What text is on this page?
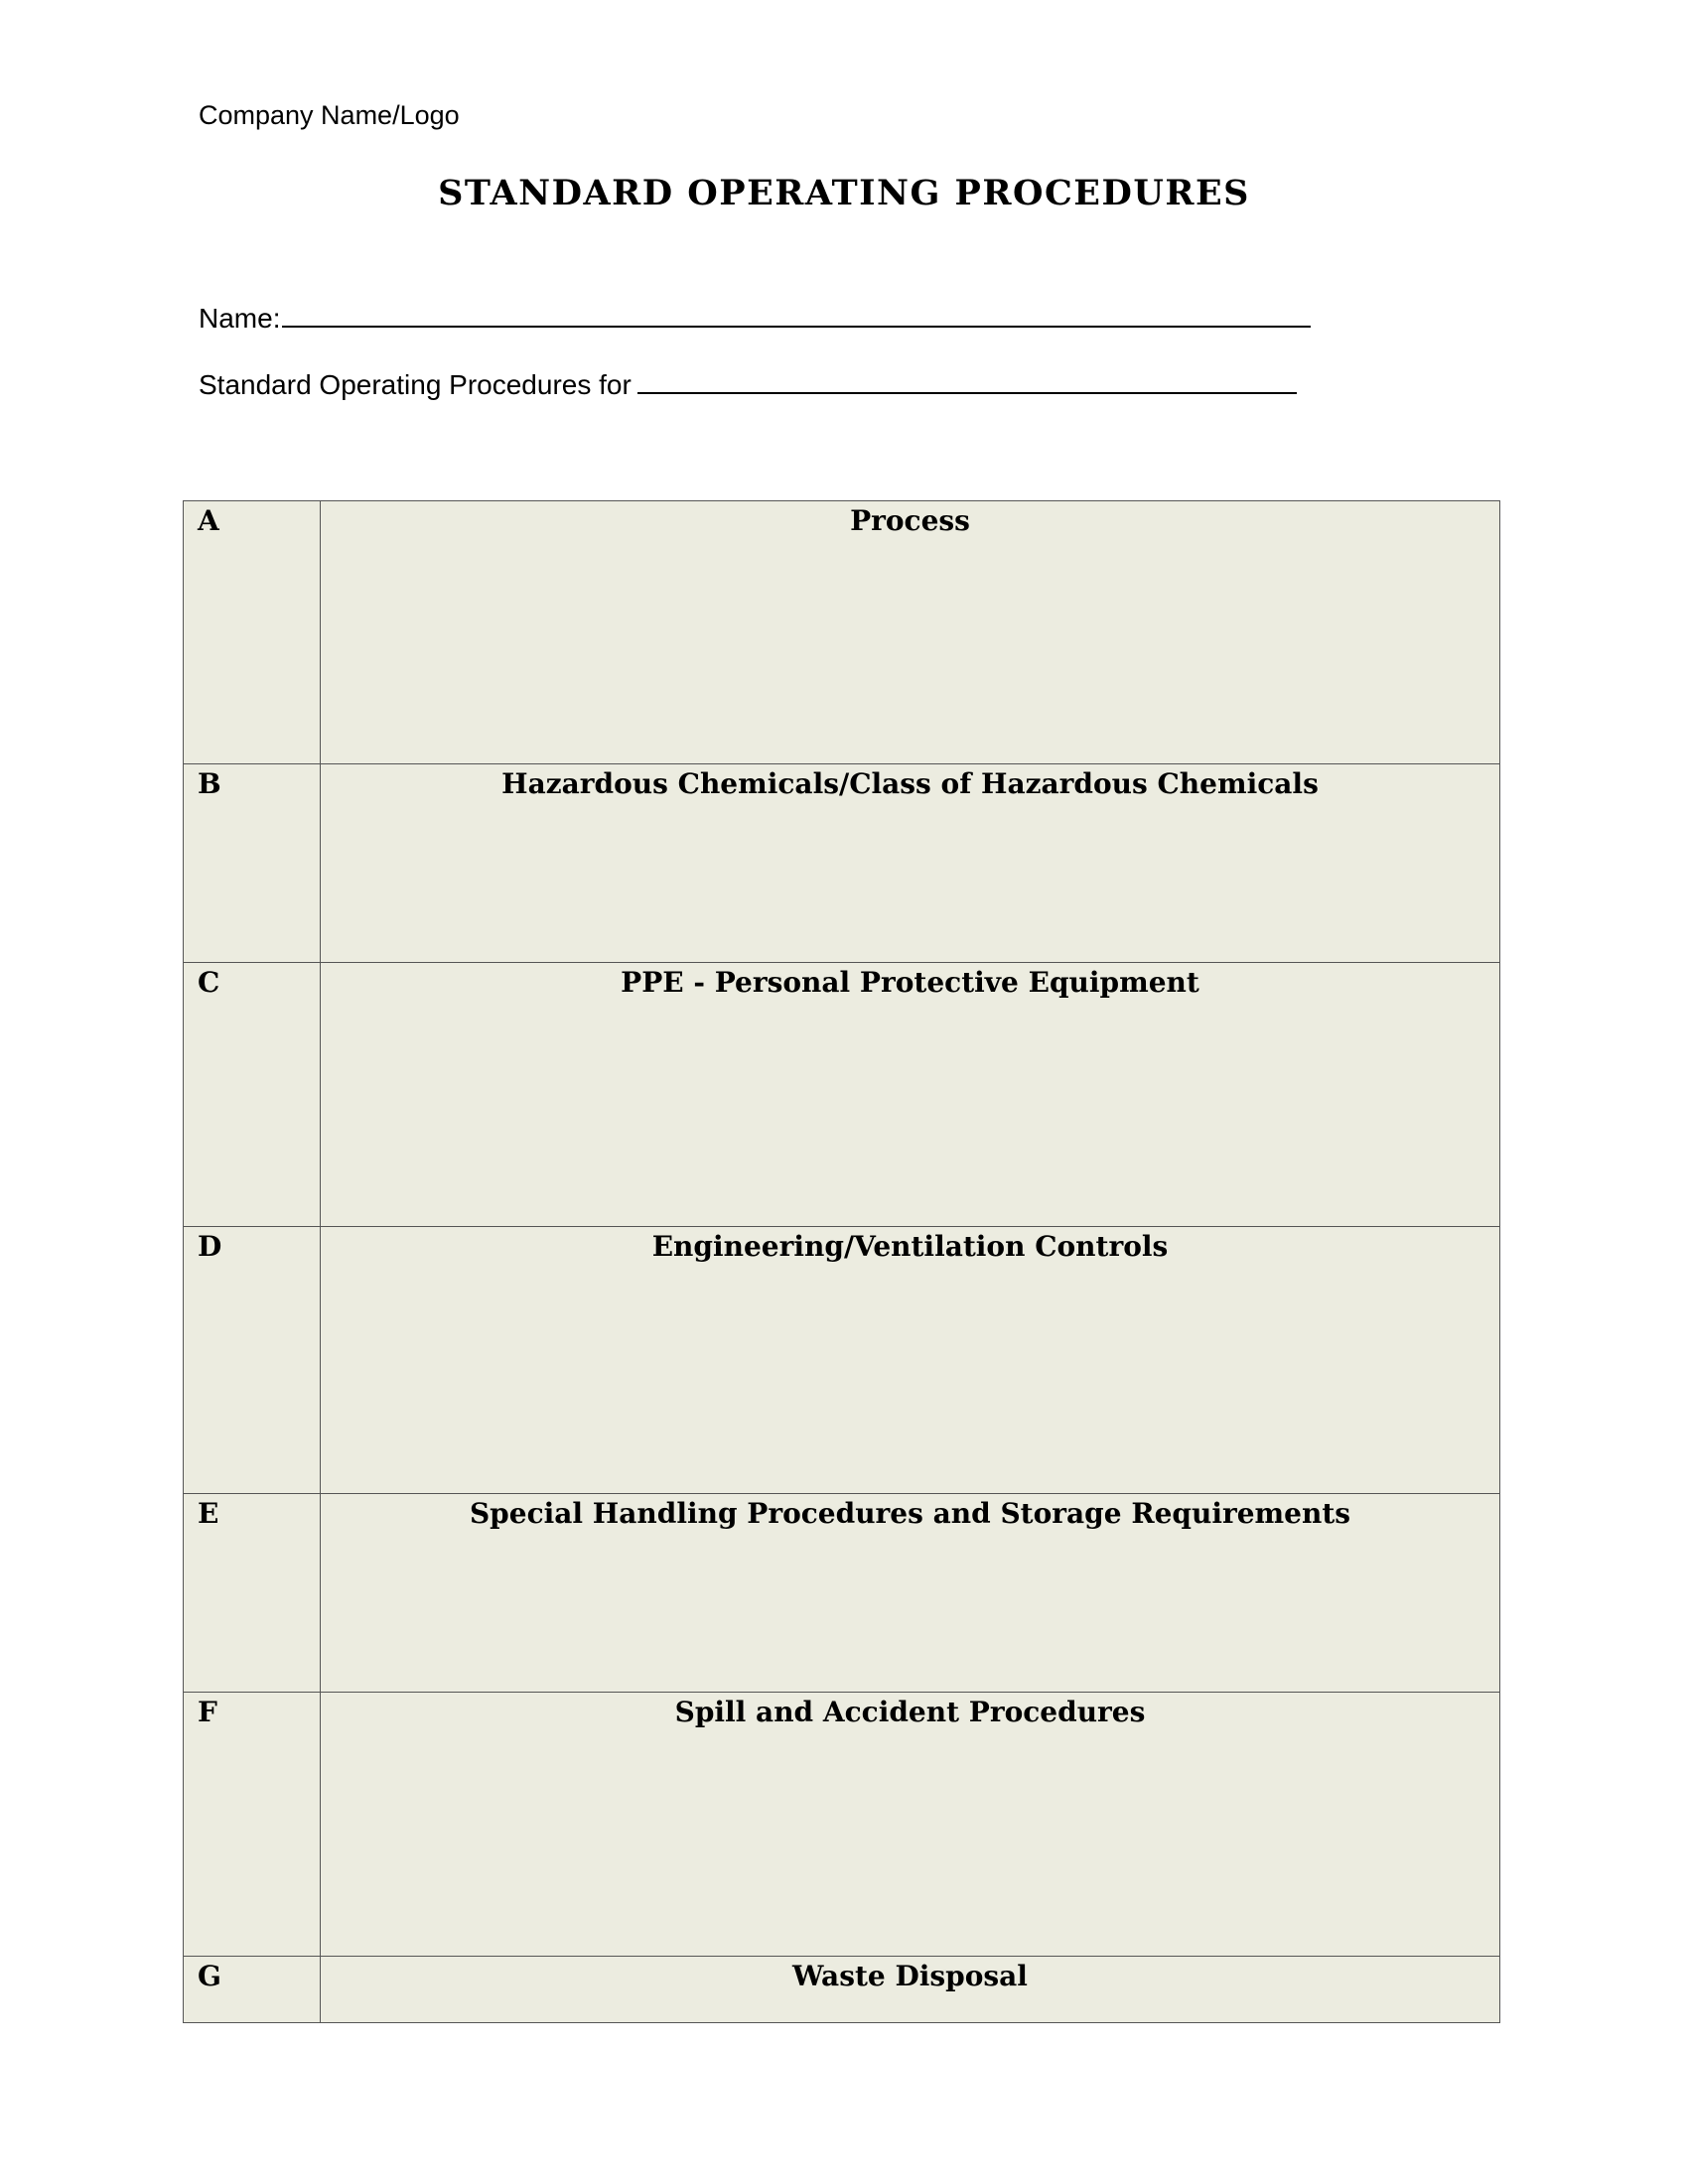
Company Name/Logo
STANDARD OPERATING PROCEDURES
Name:
Standard Operating Procedures for
A	Process
B	Hazardous Chemicals/Class of Hazardous Chemicals
C	PPE - Personal Protective Equipment
D	Engineering/Ventilation Controls
E	Special Handling Procedures and Storage Requirements
F	Spill and Accident Procedures
G	Waste Disposal
